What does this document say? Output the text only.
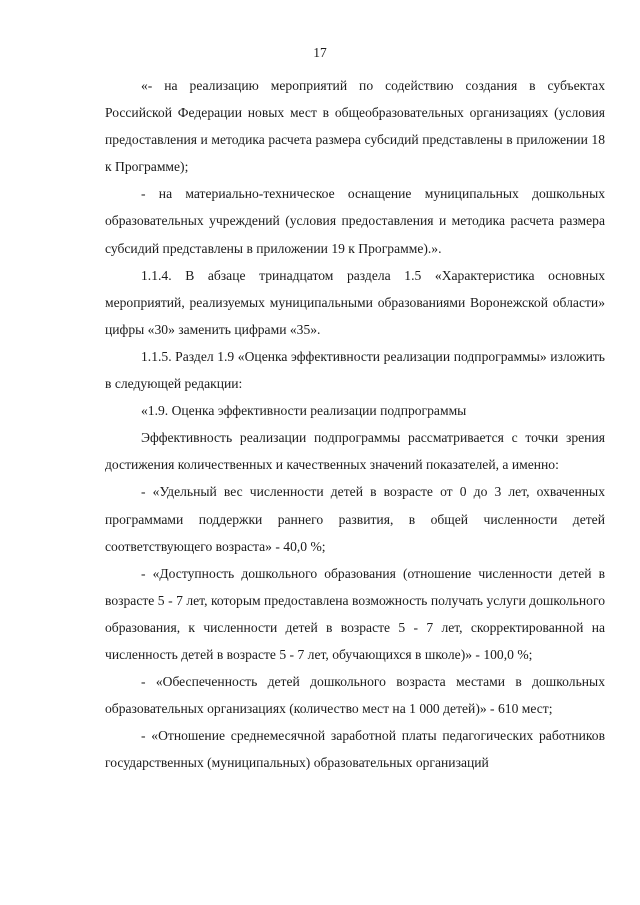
17

«- на реализацию мероприятий по содействию создания в субъектах Российской Федерации новых мест в общеобразовательных организациях (условия предоставления и методика расчета размера субсидий представлены в приложении 18 к Программе);

- на материально-техническое оснащение муниципальных дошкольных образовательных учреждений (условия предоставления и методика расчета размера субсидий представлены в приложении 19 к Программе).».

1.1.4. В абзаце тринадцатом раздела 1.5 «Характеристика основных мероприятий, реализуемых муниципальными образованиями Воронежской области» цифры «30» заменить цифрами «35».

1.1.5. Раздел 1.9 «Оценка эффективности реализации подпрограммы» изложить в следующей редакции:

«1.9. Оценка эффективности реализации подпрограммы

Эффективность реализации подпрограммы рассматривается с точки зрения достижения количественных и качественных значений показателей, а именно:

- «Удельный вес численности детей в возрасте от 0 до 3 лет, охваченных программами поддержки раннего развития, в общей численности детей соответствующего возраста» - 40,0 %;

- «Доступность дошкольного образования (отношение численности детей в возрасте 5 - 7 лет, которым предоставлена возможность получать услуги дошкольного образования, к численности детей в возрасте 5 - 7 лет, скорректированной на численность детей в возрасте 5 - 7 лет, обучающихся в школе)» - 100,0 %;

- «Обеспеченность детей дошкольного возраста местами в дошкольных образовательных организациях (количество мест на 1 000 детей)» - 610 мест;

- «Отношение среднемесячной заработной платы педагогических работников государственных (муниципальных) образовательных организаций
